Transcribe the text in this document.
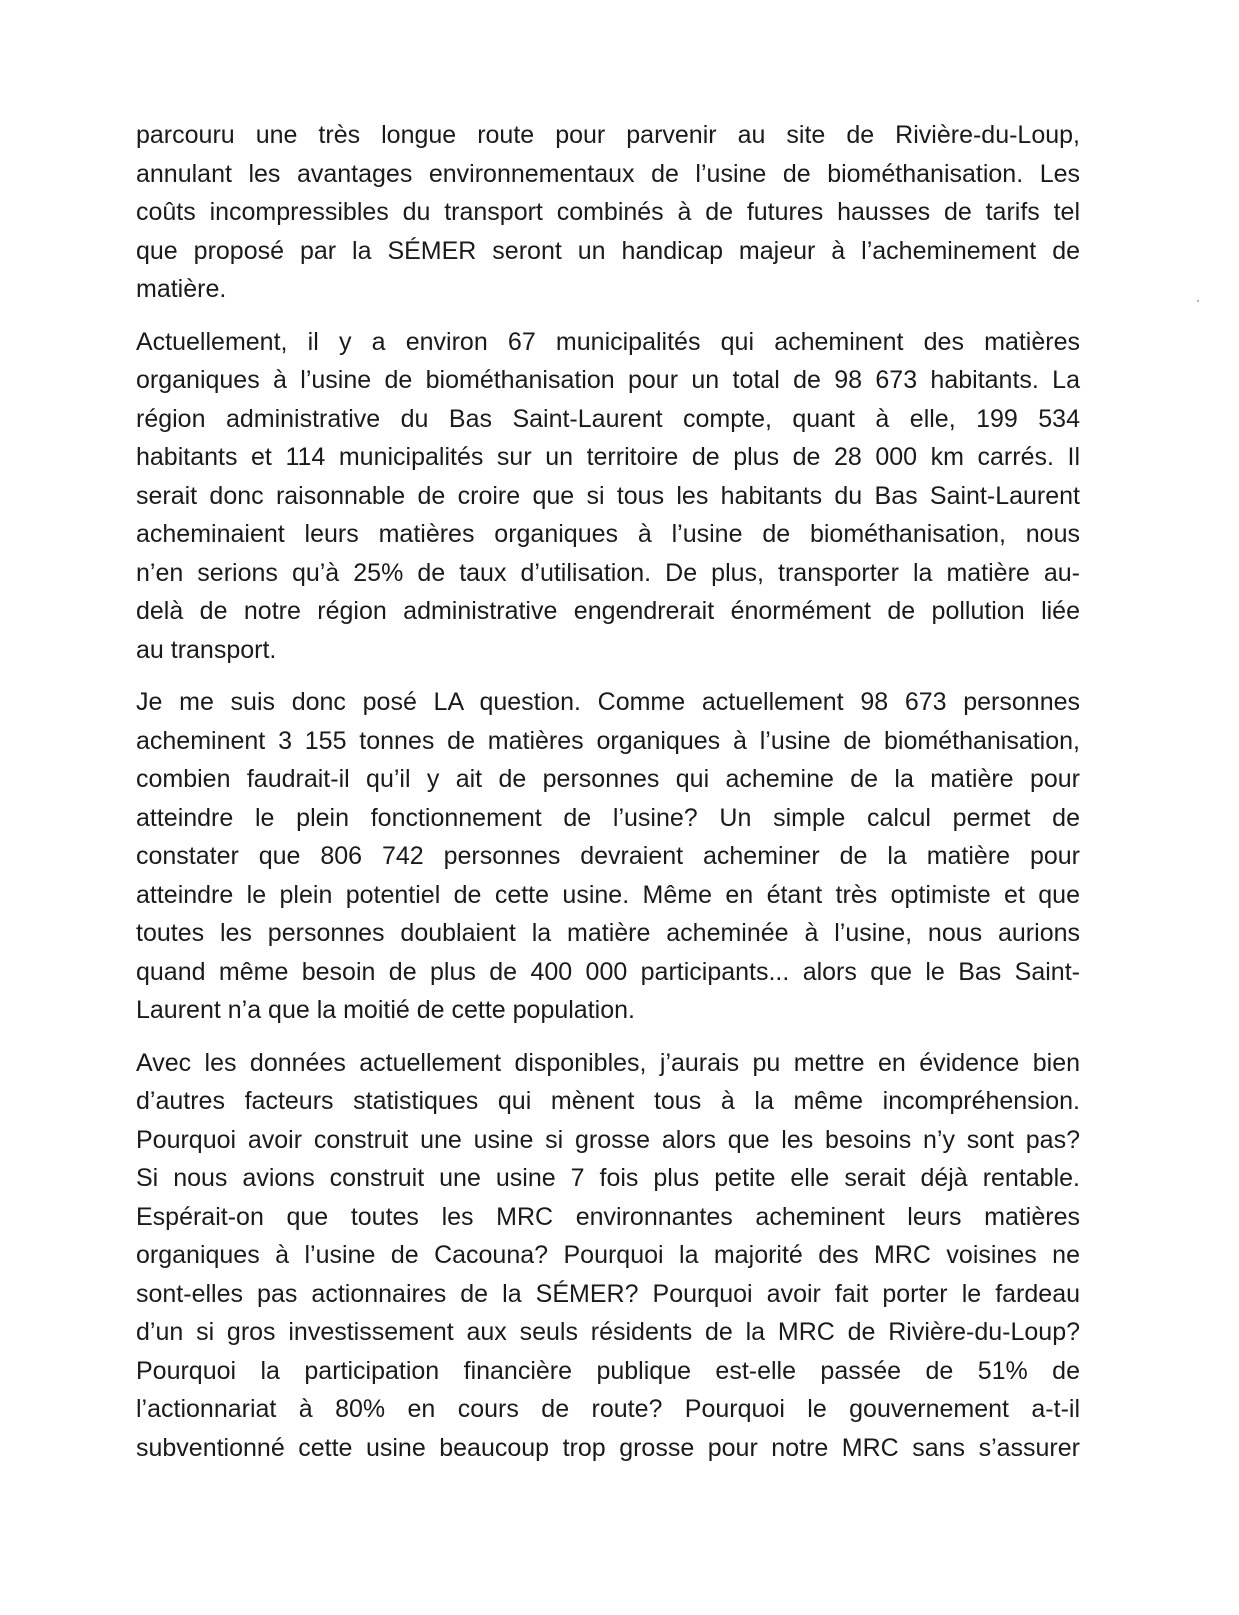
parcouru une très longue route pour parvenir au site de Rivière-du-Loup,
annulant les avantages environnementaux de l’usine de biométhanisation. Les
coûts incompressibles du transport combinés à de futures hausses de tarifs tel
que proposé par la SÉMER seront un handicap majeur à l’acheminement de
matière.

Actuellement, il y a environ 67 municipalités qui acheminent des matières
organiques à l’usine de biométhanisation pour un total de 98 673 habitants. La
région administrative du Bas Saint-Laurent compte, quant à elle, 199 534
habitants et 114 municipalités sur un territoire de plus de 28 000 km carrés. Il
serait donc raisonnable de croire que si tous les habitants du Bas Saint-Laurent
acheminaient leurs matières organiques à l’usine de biométhanisation, nous
n’en serions qu’à 25% de taux d’utilisation. De plus, transporter la matière au-
delà de notre région administrative engendrerait énormément de pollution liée
au transport.

Je me suis donc posé LA question. Comme actuellement 98 673 personnes
acheminent 3 155 tonnes de matières organiques à l’usine de biométhanisation,
combien faudrait-il qu’il y ait de personnes qui achemine de la matière pour
atteindre le plein fonctionnement de l’usine? Un simple calcul permet de
constater que 806 742 personnes devraient acheminer de la matière pour
atteindre le plein potentiel de cette usine. Même en étant très optimiste et que
toutes les personnes doublaient la matière acheminée à l’usine, nous aurions
quand même besoin de plus de 400 000 participants... alors que le Bas Saint-
Laurent n’a que la moitié de cette population.

Avec les données actuellement disponibles, j’aurais pu mettre en évidence bien
d’autres facteurs statistiques qui mènent tous à la même incompréhension.
Pourquoi avoir construit une usine si grosse alors que les besoins n’y sont pas?
Si nous avions construit une usine 7 fois plus petite elle serait déjà rentable.
Espérait-on que toutes les MRC environnantes acheminent leurs matières
organiques à l’usine de Cacouna? Pourquoi la majorité des MRC voisines ne
sont-elles pas actionnaires de la SÉMER? Pourquoi avoir fait porter le fardeau
d’un si gros investissement aux seuls résidents de la MRC de Rivière-du-Loup?
Pourquoi la participation financière publique est-elle passée de 51% de
l’actionnariat à 80% en cours de route? Pourquoi le gouvernement a-t-il
subventionné cette usine beaucoup trop grosse pour notre MRC sans s’assurer
